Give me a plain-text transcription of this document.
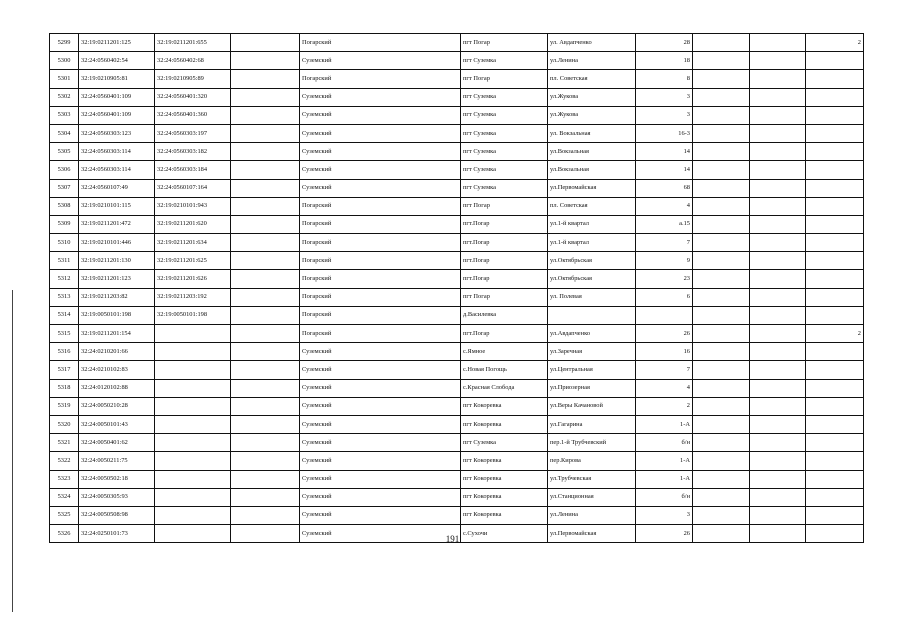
5299	32:19:0211201:125	32:19:0211201:655		Погарский	пгт Погар	ул. Авдапченко	28			2
5300	32:24:0560402:54	32:24:0560402:68		Суземский	пгт Суземка	ул.Ленина	18			
5301	32:19:0210905:81	32:19:0210905:89		Погарский	пгт Погар	пл. Советская	8			
5302	32:24:0560401:109	32:24:0560401:320		Суземский	пгт Суземка	ул.Жукова	3			
5303	32:24:0560401:109	32:24:0560401:360		Суземский	пгт Суземка	ул.Жукова	3			
5304	32:24:0560303:123	32:24:0560303:197		Суземский	пгт Суземка	ул. Вокзальная	16-3			
5305	32:24:0560303:114	32:24:0560303:182		Суземский	пгт Суземка	ул.Вокзальная	14			
5306	32:24:0560303:114	32:24:0560303:184		Суземский	пгт Суземка	ул.Вокзальная	14			
5307	32:24:0560107:49	32:24:0560107:164		Суземский	пгт Суземка	ул.Первомайская	68			
5308	32:19:0210101:115	32:19:0210101:943		Погарский	пгт Погар	пл. Советская	4			
5309	32:19:0211201:472	32:19:0211201:620		Погарский	пгт.Погар	ул.1-й квартал	а.15			
5310	32:19:0210101:446	32:19:0211201:634		Погарский	пгт.Погар	ул.1-й квартал	7			
5311	32:19:0211201:130	32:19:0211201:625		Погарский	пгт.Погар	ул.Октябрьская	9			
5312	32:19:0211201:123	32:19:0211201:626		Погарский	пгт.Погар	ул.Октябрьская	23			
5313	32:19:0211203:82	32:19:0211203:192		Погарский	пгт Погар	ул. Полевая	6			
5314	32:19:0050101:198	32:19:0050101:198		Погарский	д.Василевка					
5315	32:19:0211201:154			Погарский	пгт.Погар	ул.Авдапченко	26			2
5316	32:24:0210201:66			Суземский	с.Ямное	ул.Заречная	16			
5317	32:24:0210102:83			Суземский	с.Новая Погощь	ул.Центральная	7			
5318	32:24:0120102:88			Суземский	с.Красная Слобода	ул.Приозерная	4			
5319	32:24:0050210:28			Суземский	пгт Кокоревка	ул.Веры Качановой	2			
5320	32:24:0050101:43			Суземский	пгт Кокоревка	ул.Гагарина	1-А			
5321	32:24:0050401:62			Суземский	пгт Суземка	пер.1-й Трубчевский	б/н			
5322	32:24:0050211:75			Суземский	пгт Кокоревка	пер.Кирова	1-А			
5323	32:24:0050502:18			Суземский	пгт Кокоревка	ул.Трубчевская	1-А			
5324	32:24:0050305:93			Суземский	пгт Кокоревка	ул.Станционная	б/н			
5325	32:24:0050508:98			Суземский	пгт Кокоревка	ул.Ленина	3			
5326	32:24:0250101:73			Суземский	с.Сухочи	ул.Первомайская	26			
191
